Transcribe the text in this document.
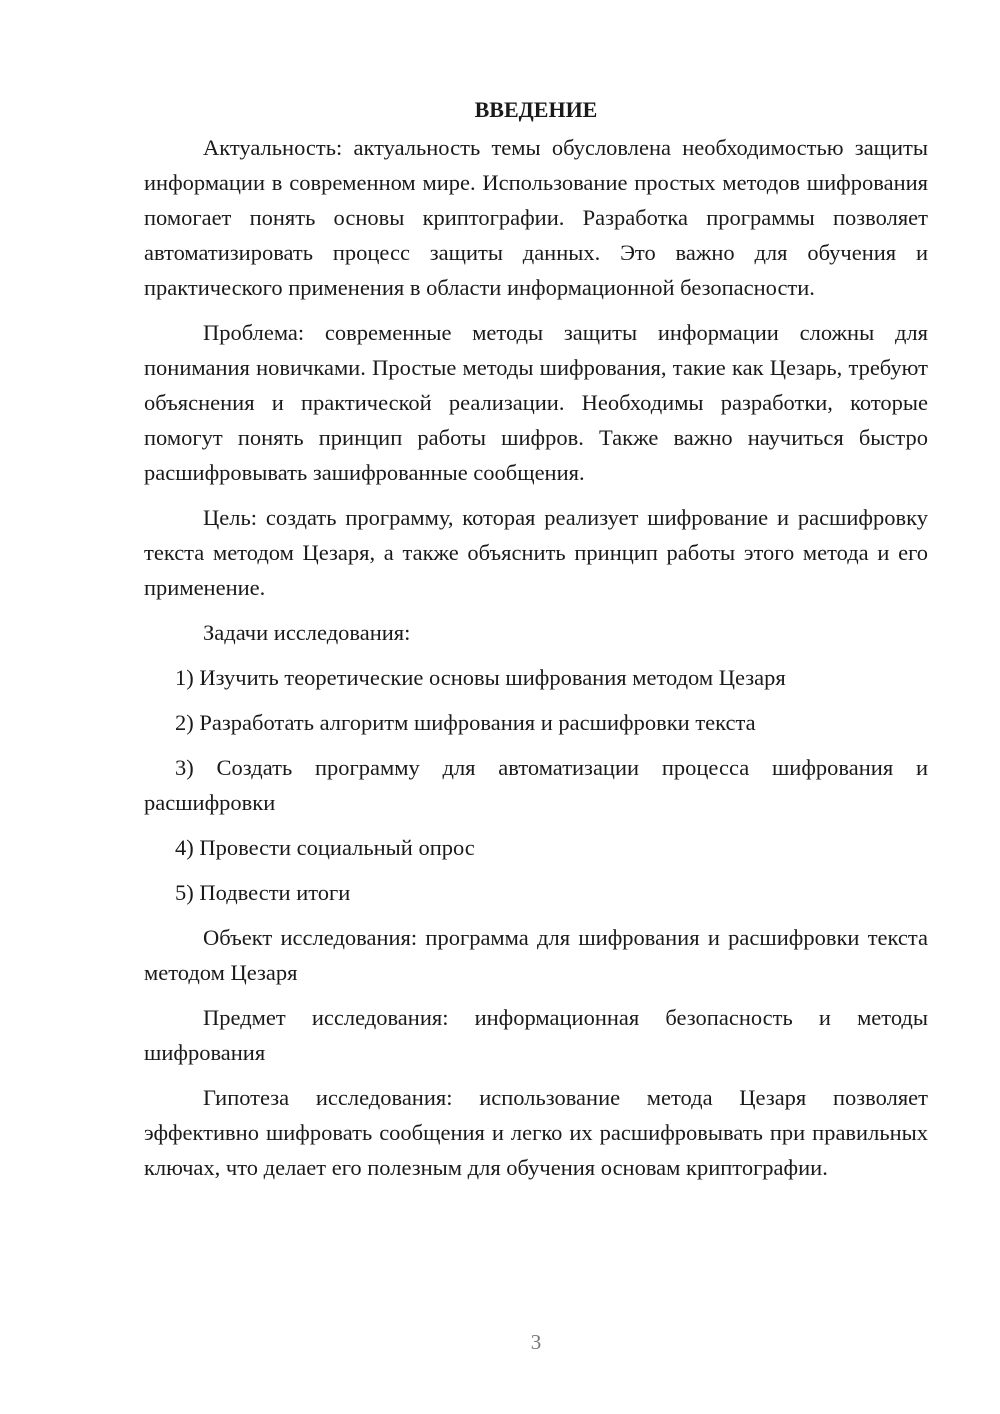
ВВЕДЕНИЕ

Актуальность: актуальность темы обусловлена необходимостью защиты информации в современном мире. Использование простых методов шифрования помогает понять основы криптографии. Разработка программы позволяет автоматизировать процесс защиты данных. Это важно для обучения и практического применения в области информационной безопасности.

Проблема: современные методы защиты информации сложны для понимания новичками. Простые методы шифрования, такие как Цезарь, требуют объяснения и практической реализации. Необходимы разработки, которые помогут понять принцип работы шифров. Также важно научиться быстро расшифровывать зашифрованные сообщения.

Цель: создать программу, которая реализует шифрование и расшифровку текста методом Цезаря, а также объяснить принцип работы этого метода и его применение.

Задачи исследования:

1) Изучить теоретические основы шифрования методом Цезаря

2) Разработать алгоритм шифрования и расшифровки текста

3) Создать программу для автоматизации процесса шифрования и расшифровки

4) Провести социальный опрос

5) Подвести итоги

Объект исследования: программа для шифрования и расшифровки текста методом Цезаря

Предмет исследования: информационная безопасность и методы шифрования

Гипотеза исследования: использование метода Цезаря позволяет эффективно шифровать сообщения и легко их расшифровывать при правильных ключах, что делает его полезным для обучения основам криптографии.

3
